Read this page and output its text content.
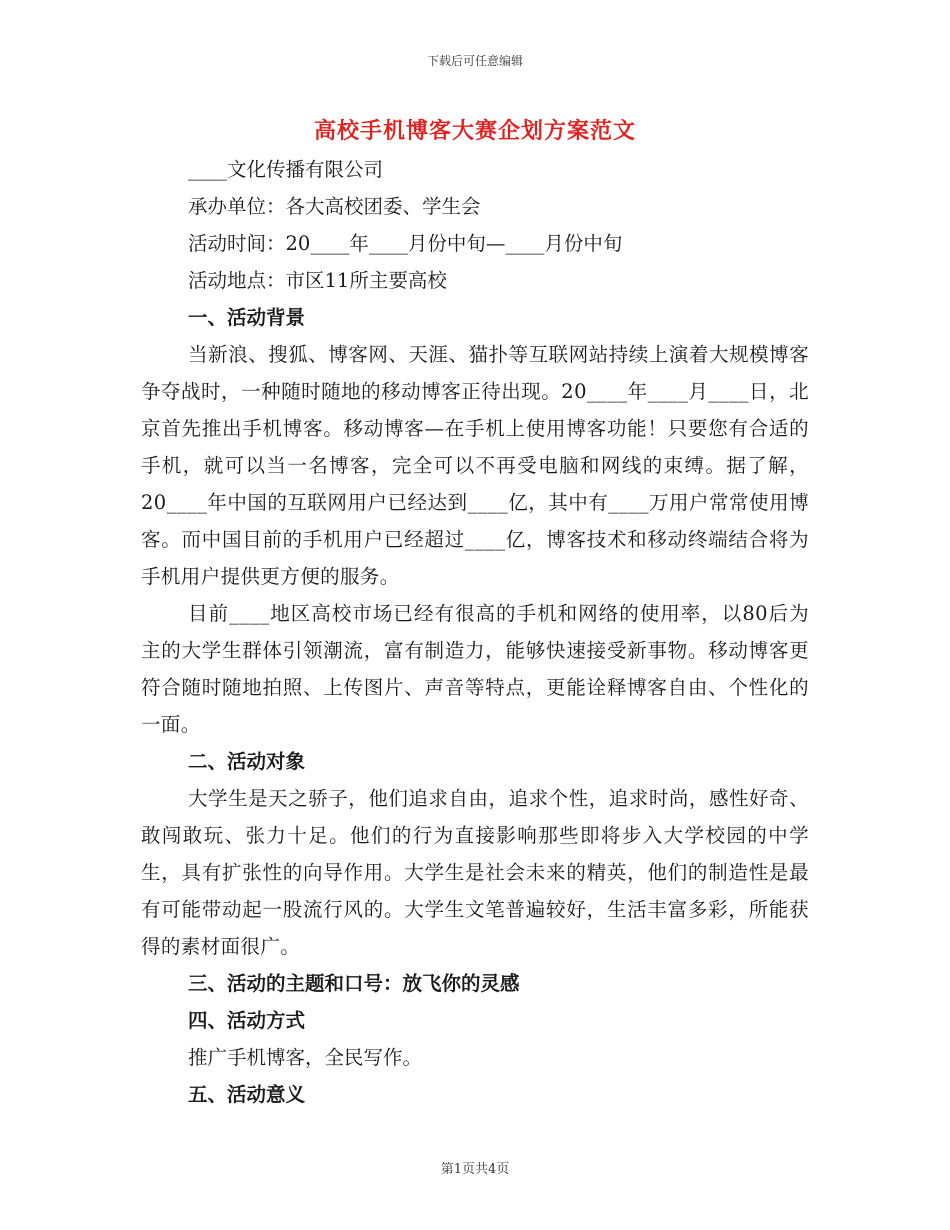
下载后可任意编辑
高校手机博客大赛企划方案范文

____文化传播有限公司

承办单位：各大高校团委、学生会

活动时间：20____年____月份中旬—____月份中旬

活动地点：市区11所主要高校

一、活动背景

当新浪、搜狐、博客网、天涯、猫扑等互联网站持续上演着大规模博客争夺战时，一种随时随地的移动博客正待出现。20____年____月____日，北京首先推出手机博客。移动博客—在手机上使用博客功能！只要您有合适的手机，就可以当一名博客，完全可以不再受电脑和网线的束缚。据了解，20____年中国的互联网用户已经达到____亿，其中有____万用户常常使用博客。而中国目前的手机用户已经超过____亿，博客技术和移动终端结合将为手机用户提供更方便的服务。

目前____地区高校市场已经有很高的手机和网络的使用率，以80后为主的大学生群体引领潮流，富有制造力，能够快速接受新事物。移动博客更符合随时随地拍照、上传图片、声音等特点，更能诠释博客自由、个性化的一面。

二、活动对象

大学生是天之骄子，他们追求自由，追求个性，追求时尚，感性好奇、敢闯敢玩、张力十足。他们的行为直接影响那些即将步入大学校园的中学生，具有扩张性的向导作用。大学生是社会未来的精英，他们的制造性是最有可能带动起一股流行风的。大学生文笔普遍较好，生活丰富多彩，所能获得的素材面很广。

三、活动的主题和口号：放飞你的灵感

四、活动方式

推广手机博客，全民写作。

五、活动意义

第1页共4页
